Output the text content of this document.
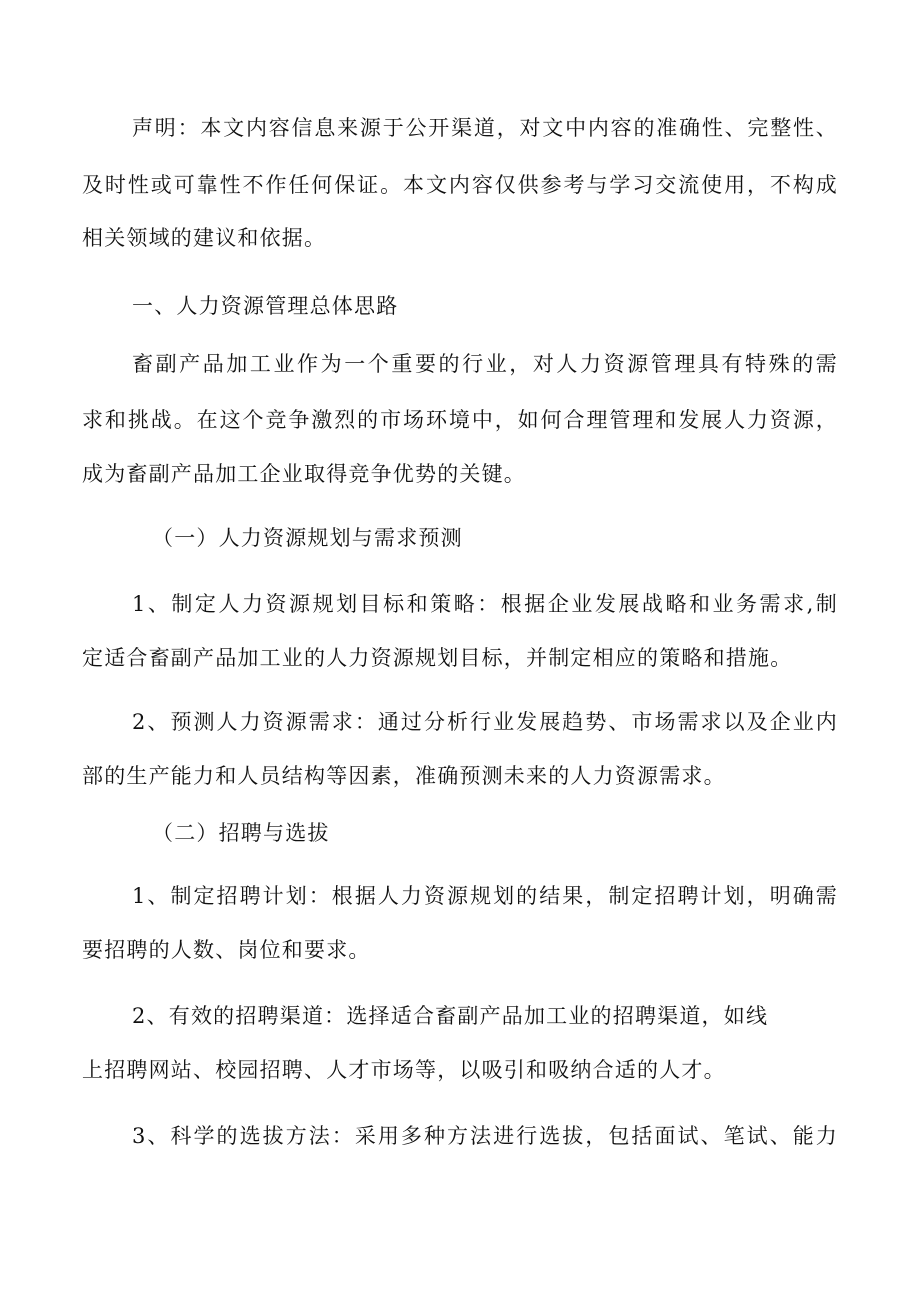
声明：本文内容信息来源于公开渠道，对文中内容的准确性、完整性、
及时性或可靠性不作任何保证。本文内容仅供参考与学习交流使用，不构成
相关领域的建议和依据。
一、人力资源管理总体思路
畜副产品加工业作为一个重要的行业，对人力资源管理具有特殊的需
求和挑战。在这个竞争激烈的市场环境中，如何合理管理和发展人力资源，
成为畜副产品加工企业取得竞争优势的关键。
（一）人力资源规划与需求预测
1、制定人力资源规划目标和策略：根据企业发展战略和业务需求,制
定适合畜副产品加工业的人力资源规划目标，并制定相应的策略和措施。
2、预测人力资源需求：通过分析行业发展趋势、市场需求以及企业内
部的生产能力和人员结构等因素，准确预测未来的人力资源需求。
（二）招聘与选拔
1、制定招聘计划：根据人力资源规划的结果，制定招聘计划，明确需
要招聘的人数、岗位和要求。
2、有效的招聘渠道：选择适合畜副产品加工业的招聘渠道，如线
上招聘网站、校园招聘、人才市场等，以吸引和吸纳合适的人才。
3、科学的选拔方法：采用多种方法进行选拔，包括面试、笔试、能力
